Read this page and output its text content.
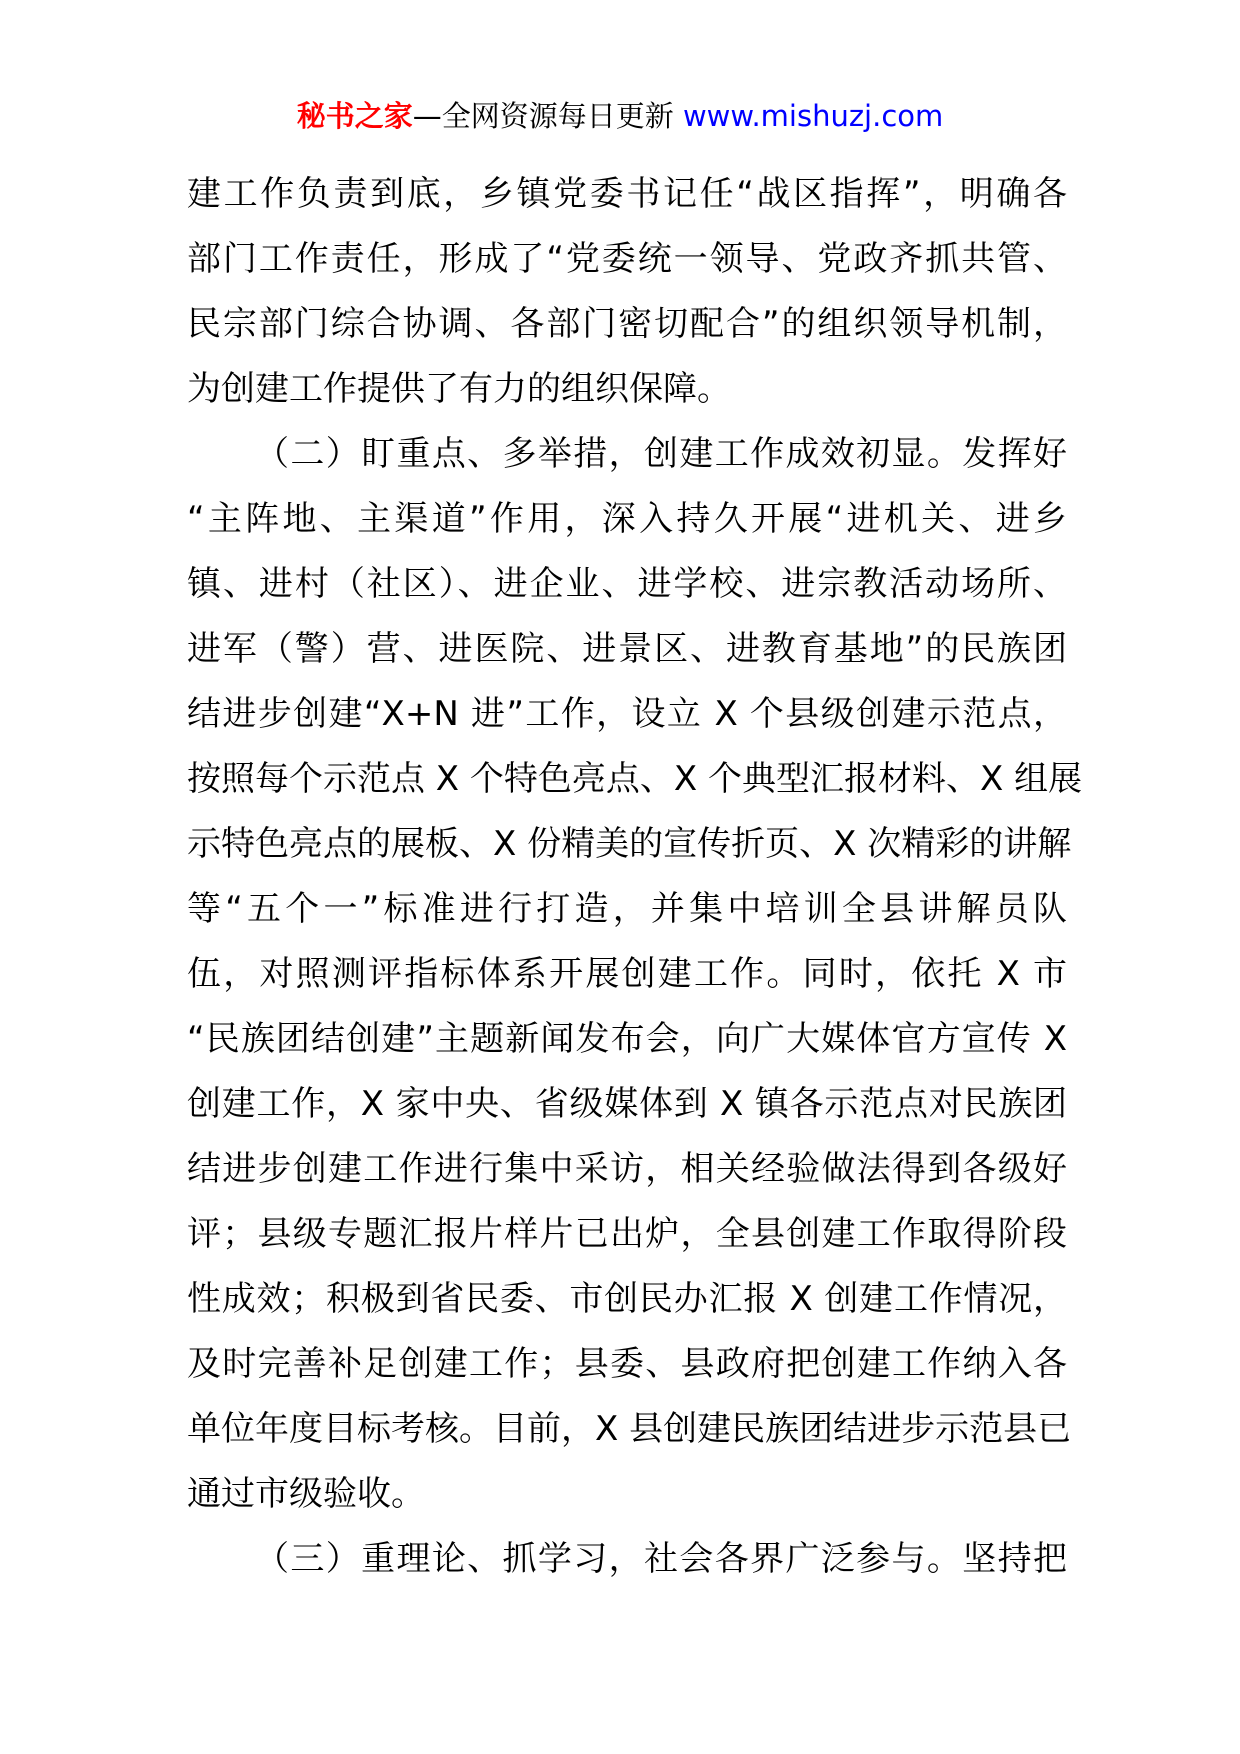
秘书之家—全网资源每日更新 www.mishuzj.com
建工作负责到底，乡镇党委书记任“战区指挥”，明确各
部门工作责任，形成了“党委统一领导、党政齐抓共管、
民宗部门综合协调、各部门密切配合”的组织领导机制，
为创建工作提供了有力的组织保障。
（二）盯重点、多举措，创建工作成效初显。发挥好
“主阵地、主渠道”作用，深入持久开展“进机关、进乡
镇、进村（社区）、进企业、进学校、进宗教活动场所、
进军（警）营、进医院、进景区、进教育基地”的民族团
结进步创建“X+N 进”工作，设立 X 个县级创建示范点，
按照每个示范点 X 个特色亮点、X 个典型汇报材料、X 组展
示特色亮点的展板、X 份精美的宣传折页、X 次精彩的讲解
等“五个一”标准进行打造，并集中培训全县讲解员队
伍，对照测评指标体系开展创建工作。同时，依托 X 市
“民族团结创建”主题新闻发布会，向广大媒体官方宣传 X
创建工作，X 家中央、省级媒体到 X 镇各示范点对民族团
结进步创建工作进行集中采访，相关经验做法得到各级好
评；县级专题汇报片样片已出炉，全县创建工作取得阶段
性成效；积极到省民委、市创民办汇报 X 创建工作情况，
及时完善补足创建工作；县委、县政府把创建工作纳入各
单位年度目标考核。目前，X 县创建民族团结进步示范县已
通过市级验收。
（三）重理论、抓学习，社会各界广泛参与。坚持把
